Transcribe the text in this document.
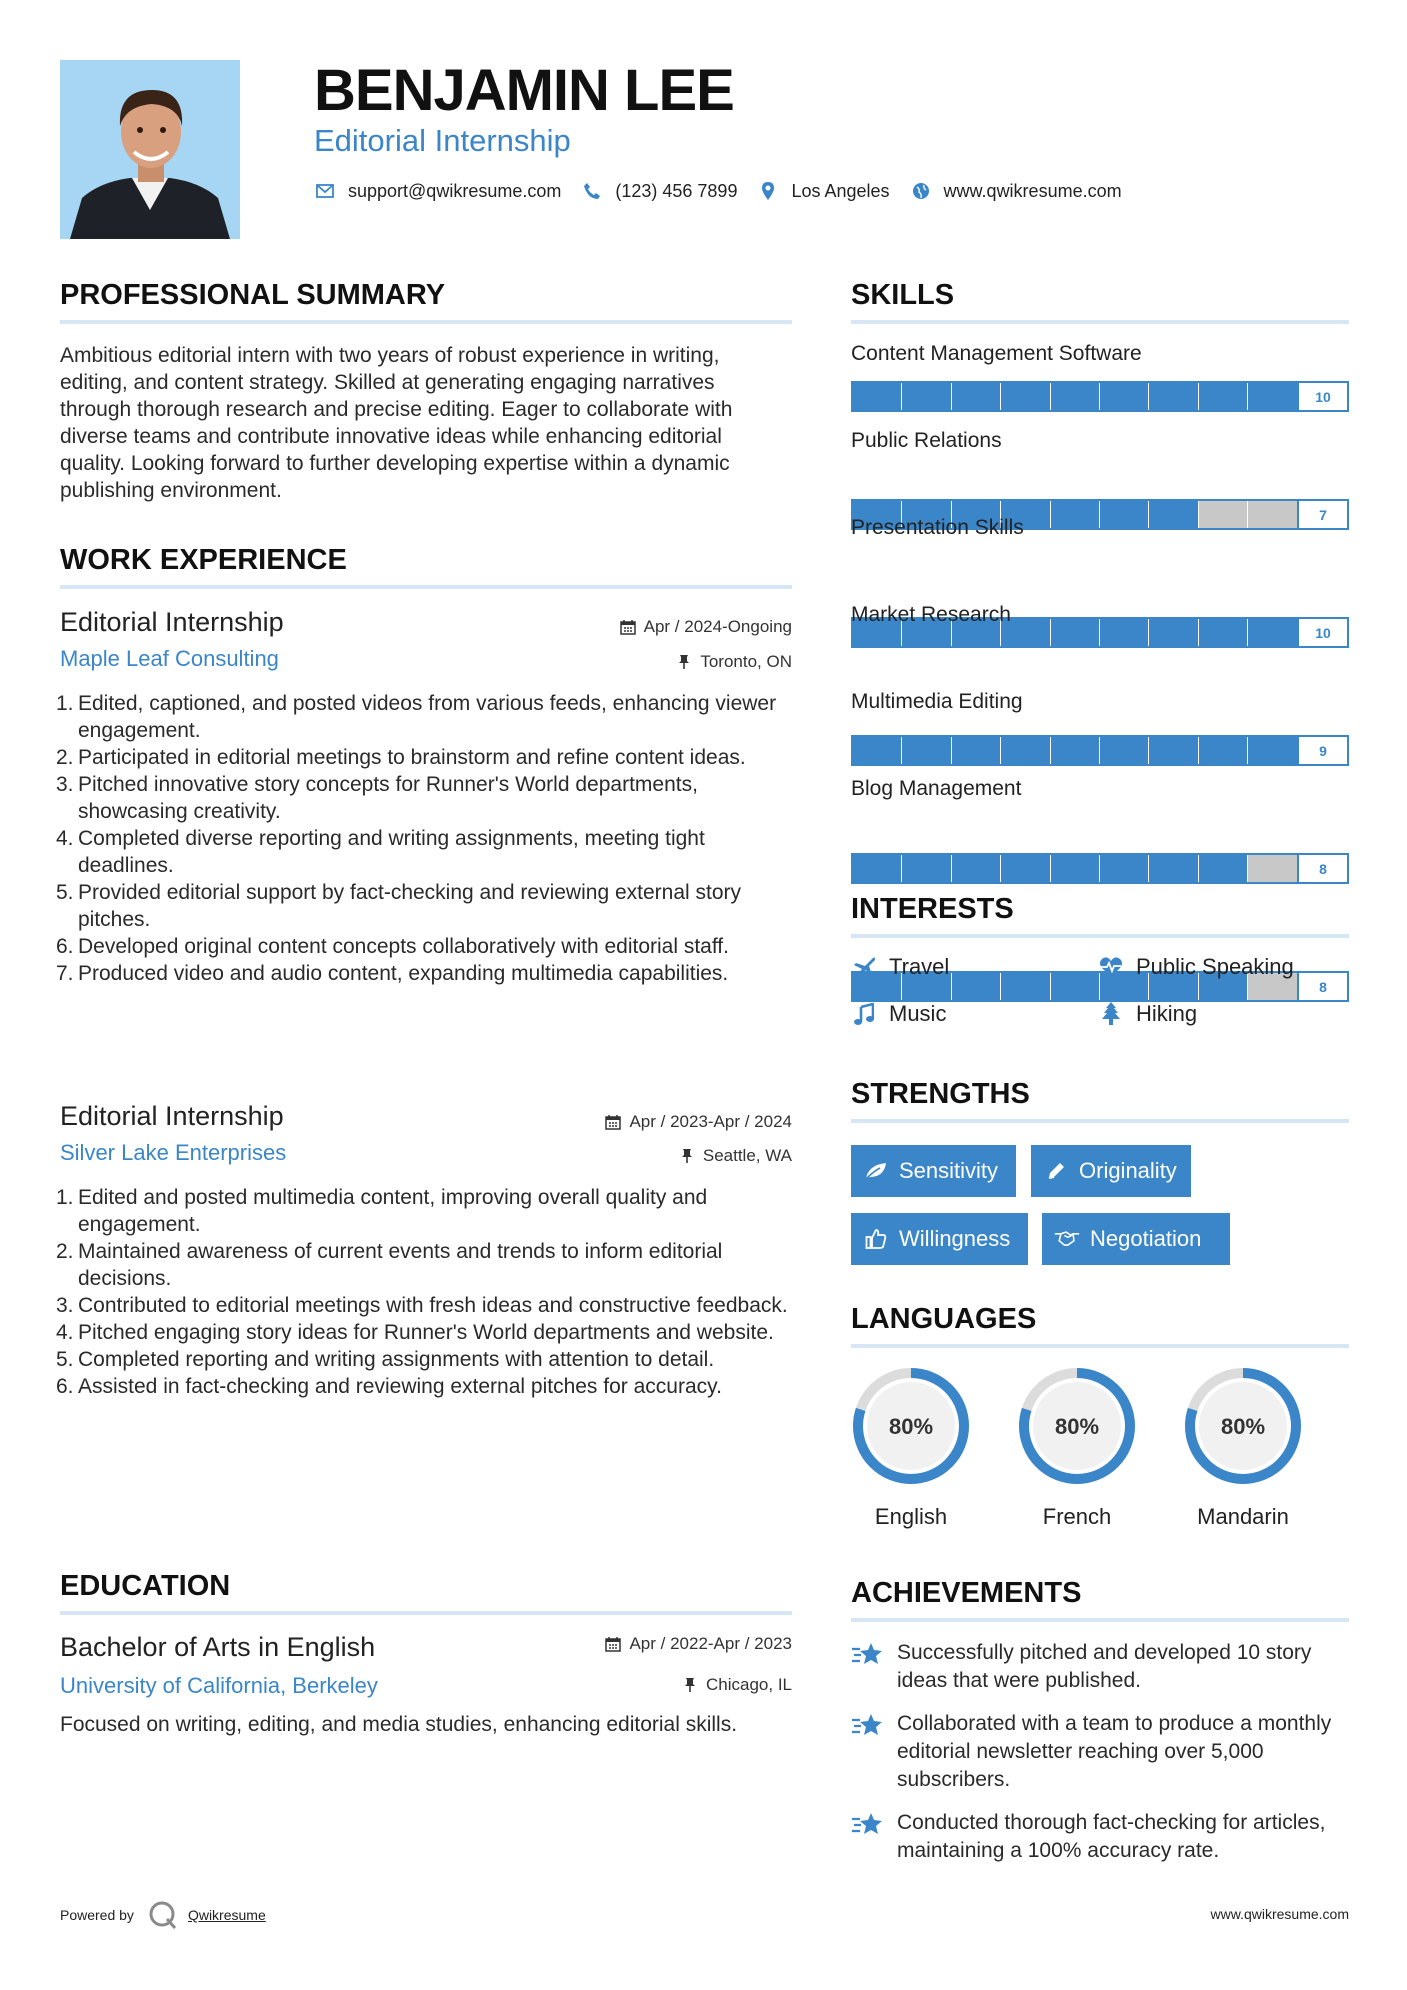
BENJAMIN LEE
Editorial Internship
support@qwikresume.com	(123) 456 7899	Los Angeles	www.qwikresume.com
PROFESSIONAL SUMMARY
Ambitious editorial intern with two years of robust experience in writing, editing, and content strategy. Skilled at generating engaging narratives through thorough research and precise editing. Eager to collaborate with diverse teams and contribute innovative ideas while enhancing editorial quality. Looking forward to further developing expertise within a dynamic publishing environment.
WORK EXPERIENCE
Editorial Internship	Apr / 2024-Ongoing
Maple Leaf Consulting	Toronto, ON
1. Edited, captioned, and posted videos from various feeds, enhancing viewer engagement.
2. Participated in editorial meetings to brainstorm and refine content ideas.
3. Pitched innovative story concepts for Runner's World departments, showcasing creativity.
4. Completed diverse reporting and writing assignments, meeting tight deadlines.
5. Provided editorial support by fact-checking and reviewing external story pitches.
6. Developed original content concepts collaboratively with editorial staff.
7. Produced video and audio content, expanding multimedia capabilities.
Editorial Internship	Apr / 2023-Apr / 2024
Silver Lake Enterprises	Seattle, WA
1. Edited and posted multimedia content, improving overall quality and engagement.
2. Maintained awareness of current events and trends to inform editorial decisions.
3. Contributed to editorial meetings with fresh ideas and constructive feedback.
4. Pitched engaging story ideas for Runner's World departments and website.
5. Completed reporting and writing assignments with attention to detail.
6. Assisted in fact-checking and reviewing external pitches for accuracy.
EDUCATION
Bachelor of Arts in English	Apr / 2022-Apr / 2023
University of California, Berkeley	Chicago, IL
Focused on writing, editing, and media studies, enhancing editorial skills.
SKILLS
Content Management Software
10
Public Relations
7
Presentation Skills
10
Market Research
9
Multimedia Editing
8
Blog Management
8
INTERESTS
Travel	Public Speaking
Music	Hiking
STRENGTHS
Sensitivity	Originality
Willingness	Negotiation
LANGUAGES
80%
English
80%
French
80%
Mandarin
ACHIEVEMENTS
Successfully pitched and developed 10 story ideas that were published.
Collaborated with a team to produce a monthly editorial newsletter reaching over 5,000 subscribers.
Conducted thorough fact-checking for articles, maintaining a 100% accuracy rate.
Powered by	Qwikresume	www.qwikresume.com
